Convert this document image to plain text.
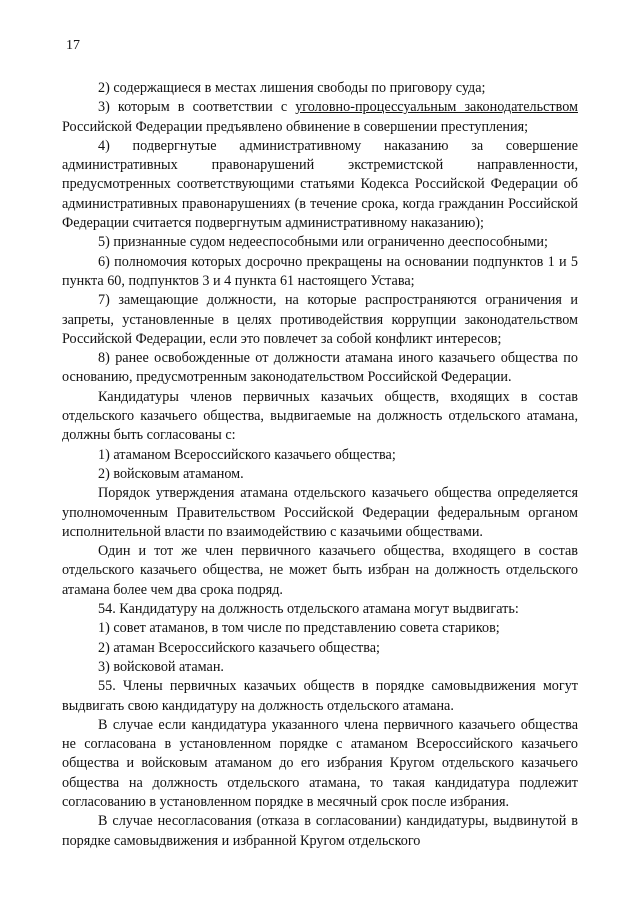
17

2) содержащиеся в местах лишения свободы по приговору суда;

3) которым в соответствии с уголовно-процессуальным законодательством Российской Федерации предъявлено обвинение в совершении преступления;

4) подвергнутые административному наказанию за совершение административных правонарушений экстремистской направленности, предусмотренных соответствующими статьями Кодекса Российской Федерации об административных правонарушениях (в течение срока, когда гражданин Российской Федерации считается подвергнутым административному наказанию);

5) признанные судом недееспособными или ограниченно дееспособными;

6) полномочия которых досрочно прекращены на основании подпунктов 1 и 5 пункта 60, подпунктов 3 и 4 пункта 61 настоящего Устава;

7) замещающие должности, на которые распространяются ограничения и запреты, установленные в целях противодействия коррупции законодательством Российской Федерации, если это повлечет за собой конфликт интересов;

8) ранее освобожденные от должности атамана иного казачьего общества по основанию, предусмотренным законодательством Российской Федерации.

Кандидатуры членов первичных казачьих обществ, входящих в состав отдельского казачьего общества, выдвигаемые на должность отдельского атамана, должны быть согласованы с:

1) атаманом Всероссийского казачьего общества;

2) войсковым атаманом.

Порядок утверждения атамана отдельского казачьего общества определяется уполномоченным Правительством Российской Федерации федеральным органом исполнительной власти по взаимодействию с казачьими обществами.

Один и тот же член первичного казачьего общества, входящего в состав отдельского казачьего общества, не может быть избран на должность отдельского атамана более чем два срока подряд.

54. Кандидатуру на должность отдельского атамана могут выдвигать:

1) совет атаманов, в том числе по представлению совета стариков;

2) атаман Всероссийского казачьего общества;

3) войсковой атаман.

55. Члены первичных казачьих обществ в порядке самовыдвижения могут выдвигать свою кандидатуру на должность отдельского атамана.

В случае если кандидатура указанного члена первичного казачьего общества не согласована в установленном порядке с атаманом Всероссийского казачьего общества и войсковым атаманом до его избрания Кругом отдельского казачьего общества на должность отдельского атамана, то такая кандидатура подлежит согласованию в установленном порядке в месячный срок после избрания.

В случае несогласования (отказа в согласовании) кандидатуры, выдвинутой в порядке самовыдвижения и избранной Кругом отдельского
